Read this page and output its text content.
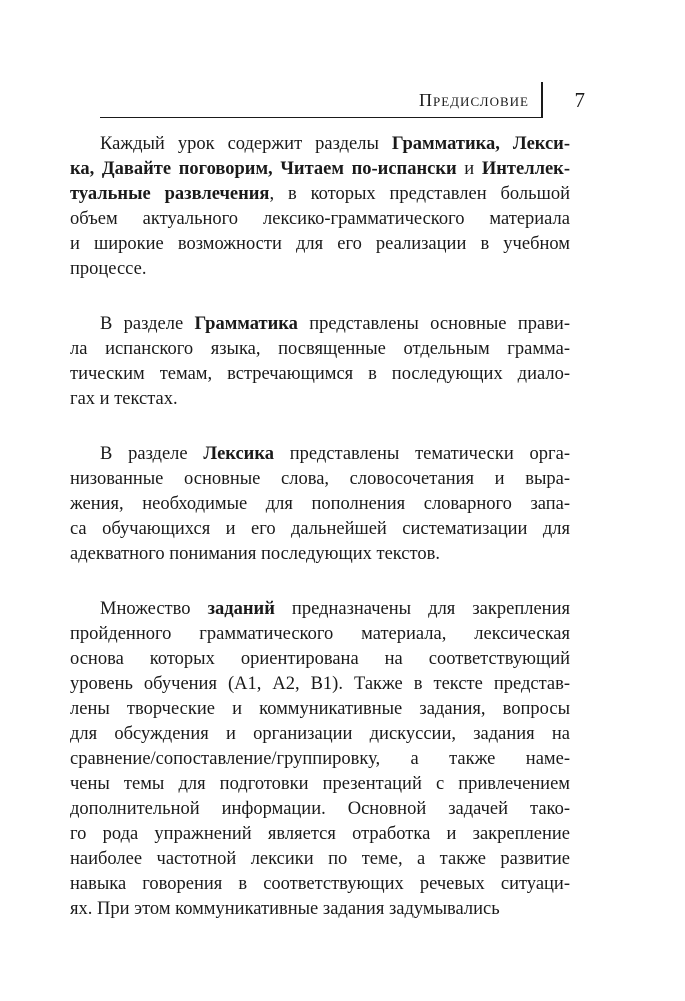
Предисловие 7

Каждый урок содержит разделы Грамматика, Лекси-
ка, Давайте поговорим, Читаем по-испански и Интеллек-
туальные развлечения, в которых представлен большой
объем актуального лексико-грамматического материала
и широкие возможности для его реализации в учебном
процессе.

В разделе Грамматика представлены основные прави-
ла испанского языка, посвященные отдельным грамма-
тическим темам, встречающимся в последующих диало-
гах и текстах.

В разделе Лексика представлены тематически орга-
низованные основные слова, словосочетания и выра-
жения, необходимые для пополнения словарного запа-
са обучающихся и его дальнейшей систематизации для
адекватного понимания последующих текстов.

Множество заданий предназначены для закрепления
пройденного грамматического материала, лексическая
основа которых ориентирована на соответствующий
уровень обучения (А1, А2, В1). Также в тексте представ-
лены творческие и коммуникативные задания, вопросы
для обсуждения и организации дискуссии, задания на
сравнение/сопоставление/группировку, а также наме-
чены темы для подготовки презентаций с привлечением
дополнительной информации. Основной задачей тако-
го рода упражнений является отработка и закрепление
наиболее частотной лексики по теме, а также развитие
навыка говорения в соответствующих речевых ситуаци-
ях. При этом коммуникативные задания задумывались
